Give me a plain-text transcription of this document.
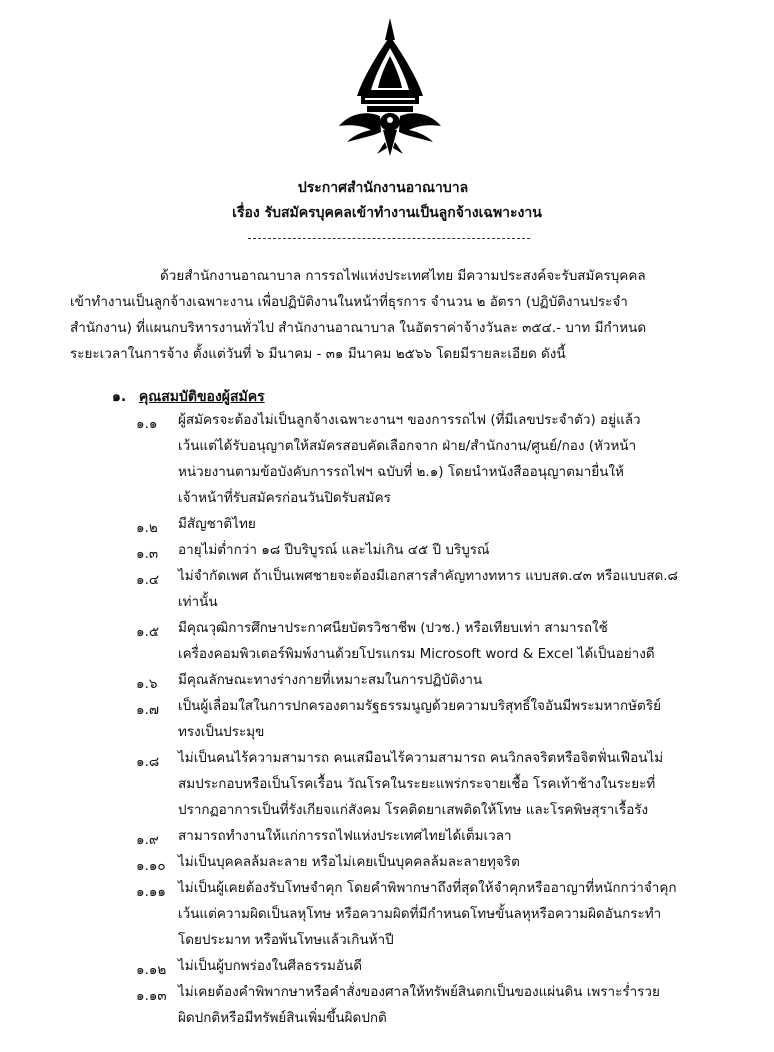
ประกาศสำนักงานอาณาบาล
เรื่อง รับสมัครบุคคลเข้าทำงานเป็นลูกจ้างเฉพาะงาน
ด้วยสำนักงานอาณาบาล การรถไฟแห่งประเทศไทย มีความประสงค์จะรับสมัครบุคคล
เข้าทำงานเป็นลูกจ้างเฉพาะงาน เพื่อปฏิบัติงานในหน้าที่ธุรการ จำนวน ๒ อัตรา (ปฏิบัติงานประจำ
สำนักงาน) ที่แผนกบริหารงานทั่วไป สำนักงานอาณาบาล ในอัตราค่าจ้างวันละ ๓๕๔.- บาท มีกำหนด
ระยะเวลาในการจ้าง ตั้งแต่วันที่ ๖ มีนาคม - ๓๑ มีนาคม ๒๕๖๖ โดยมีรายละเอียด ดังนี้
๑. คุณสมบัติของผู้สมัคร
๑.๑ ผู้สมัครจะต้องไม่เป็นลูกจ้างเฉพาะงานฯ ของการรถไฟ (ที่มีเลขประจำตัว) อยู่แล้ว
เว้นแต่ได้รับอนุญาตให้สมัครสอบคัดเลือกจาก ฝ่าย/สำนักงาน/ศูนย์/กอง (หัวหน้า
หน่วยงานตามข้อบังคับการรถไฟฯ ฉบับที่ ๒.๑) โดยนำหนังสืออนุญาตมายื่นให้
เจ้าหน้าที่รับสมัครก่อนวันปิดรับสมัคร
๑.๒ มีสัญชาติไทย
๑.๓ อายุไม่ต่ำกว่า ๑๘ ปีบริบูรณ์ และไม่เกิน ๔๕ ปี บริบูรณ์
๑.๔ ไม่จำกัดเพศ ถ้าเป็นเพศชายจะต้องมีเอกสารสำคัญทางทหาร แบบสด.๔๓ หรือแบบสด.๘
เท่านั้น
๑.๕ มีคุณวุฒิการศึกษาประกาศนียบัตรวิชาชีพ (ปวช.) หรือเทียบเท่า สามารถใช้
เครื่องคอมพิวเตอร์พิมพ์งานด้วยโปรแกรม Microsoft word & Excel ได้เป็นอย่างดี
๑.๖ มีคุณลักษณะทางร่างกายที่เหมาะสมในการปฏิบัติงาน
๑.๗ เป็นผู้เลื่อมใสในการปกครองตามรัฐธรรมนูญด้วยความบริสุทธิ์ใจอันมีพระมหากษัตริย์
ทรงเป็นประมุข
๑.๘ ไม่เป็นคนไร้ความสามารถ คนเสมือนไร้ความสามารถ คนวิกลจริตหรือจิตฟั่นเฟือนไม่
สมประกอบหรือเป็นโรคเรื้อน วัณโรคในระยะแพร่กระจายเชื้อ โรคเท้าช้างในระยะที่
ปรากฏอาการเป็นที่รังเกียจแก่สังคม โรคติดยาเสพติดให้โทษ และโรคพิษสุราเรื้อรัง
๑.๙ สามารถทำงานให้แก่การรถไฟแห่งประเทศไทยได้เต็มเวลา
๑.๑๐ ไม่เป็นบุคคลล้มละลาย หรือไม่เคยเป็นบุคคลล้มละลายทุจริต
๑.๑๑ ไม่เป็นผู้เคยต้องรับโทษจำคุก โดยคำพิพากษาถึงที่สุดให้จำคุกหรืออาญาที่หนักกว่าจำคุก
เว้นแต่ความผิดเป็นลหุโทษ หรือความผิดที่มีกำหนดโทษขั้นลหุหรือความผิดอันกระทำ
โดยประมาท หรือพ้นโทษแล้วเกินห้าปี
๑.๑๒ ไม่เป็นผู้บกพร่องในศีลธรรมอันดี
๑.๑๓ ไม่เคยต้องคำพิพากษาหรือคำสั่งของศาลให้ทรัพย์สินตกเป็นของแผ่นดิน เพราะร่ำรวย
ผิดปกติหรือมีทรัพย์สินเพิ่มขึ้นผิดปกติ
